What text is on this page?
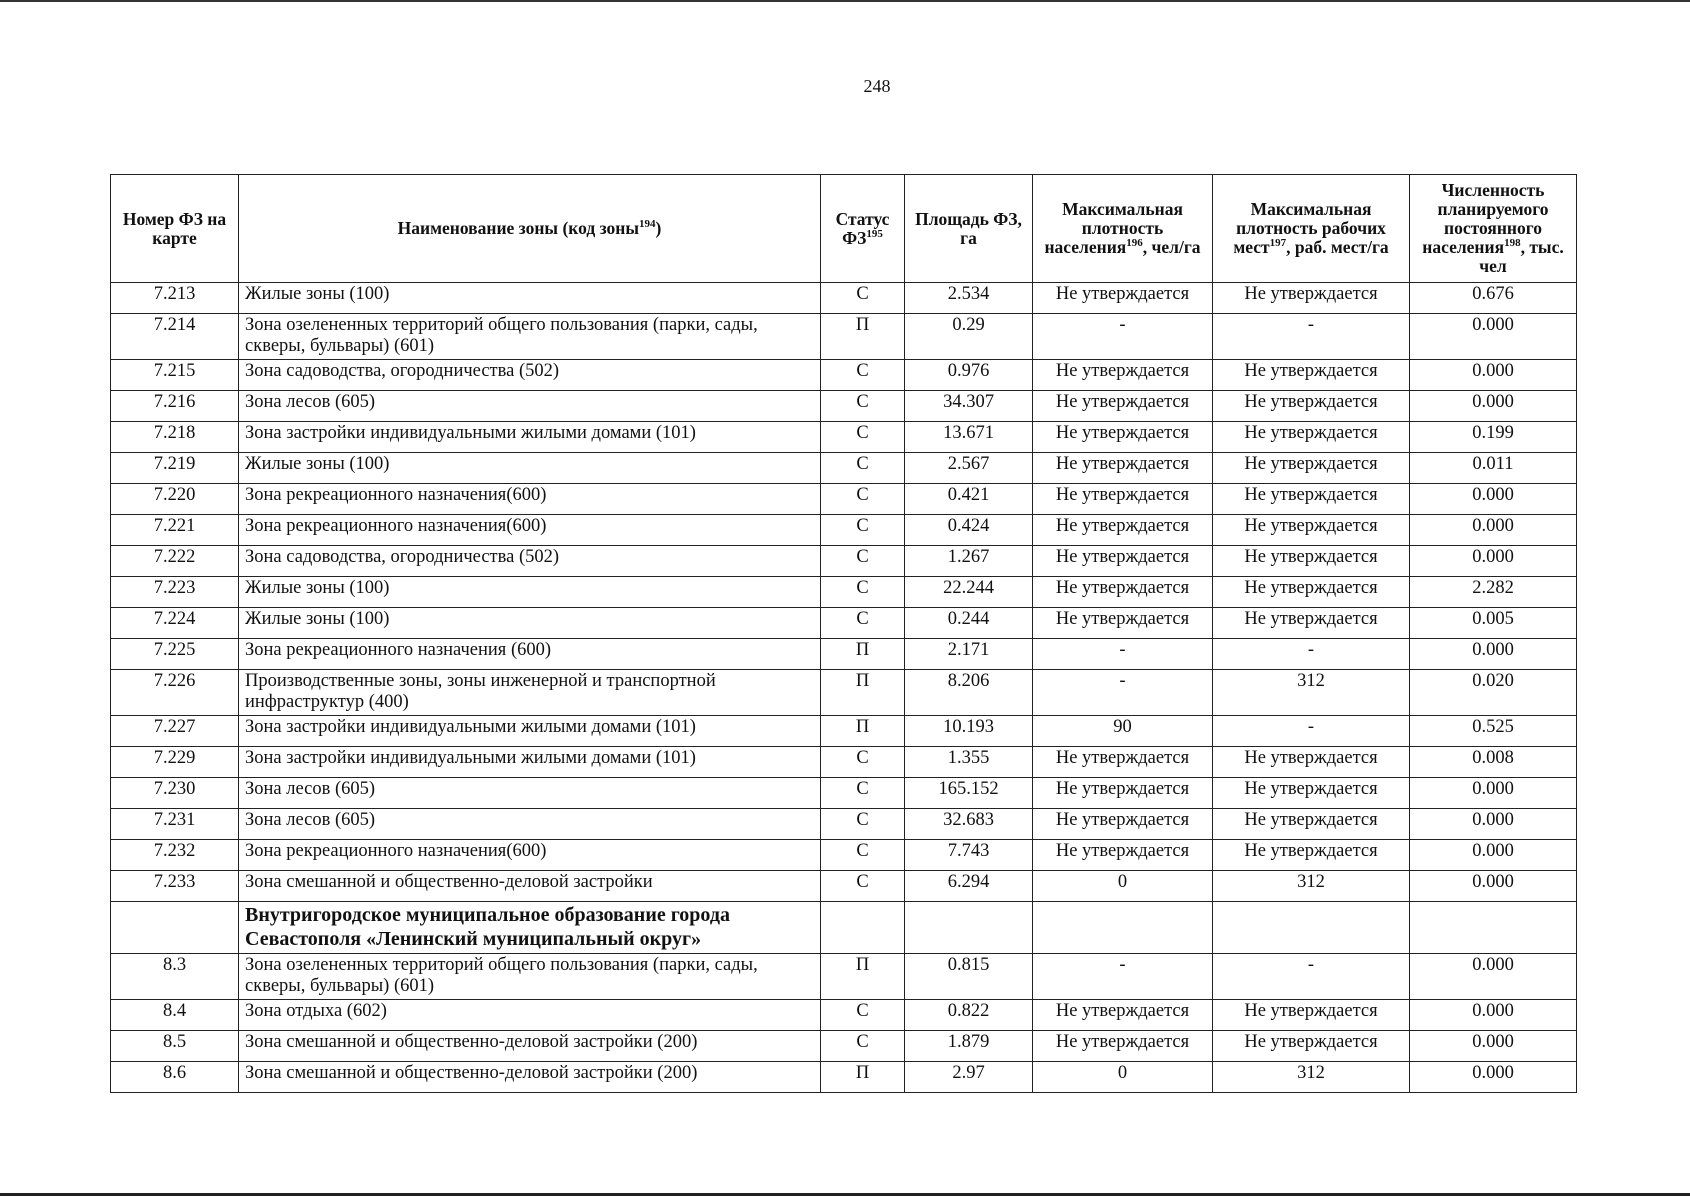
248
Номер ФЗ на карте	Наименование зоны (код зоны$^{194}$)	Статус ФЗ$^{195}$	Площадь ФЗ, га	Максимальная плотность населения$^{196}$, чел/га	Максимальная плотность рабочих мест$^{197}$, раб. мест/га	Численность планируемого постоянного населения$^{198}$, тыс. чел
7.213	Жилые зоны (100)	С	2.534	Не утверждается	Не утверждается	0.676
7.214	Зона озелененных территорий общего пользования (парки, сады, скверы, бульвары) (601)	П	0.29	-	-	0.000
7.215	Зона садоводства, огородничества (502)	С	0.976	Не утверждается	Не утверждается	0.000
7.216	Зона лесов (605)	С	34.307	Не утверждается	Не утверждается	0.000
7.218	Зона застройки индивидуальными жилыми домами (101)	С	13.671	Не утверждается	Не утверждается	0.199
7.219	Жилые зоны (100)	С	2.567	Не утверждается	Не утверждается	0.011
7.220	Зона рекреационного назначения(600)	С	0.421	Не утверждается	Не утверждается	0.000
7.221	Зона рекреационного назначения(600)	С	0.424	Не утверждается	Не утверждается	0.000
7.222	Зона садоводства, огородничества (502)	С	1.267	Не утверждается	Не утверждается	0.000
7.223	Жилые зоны (100)	С	22.244	Не утверждается	Не утверждается	2.282
7.224	Жилые зоны (100)	С	0.244	Не утверждается	Не утверждается	0.005
7.225	Зона рекреационного назначения (600)	П	2.171	-	-	0.000
7.226	Производственные зоны, зоны инженерной и транспортной инфраструктур (400)	П	8.206	-	312	0.020
7.227	Зона застройки индивидуальными жилыми домами (101)	П	10.193	90	-	0.525
7.229	Зона застройки индивидуальными жилыми домами (101)	С	1.355	Не утверждается	Не утверждается	0.008
7.230	Зона лесов (605)	С	165.152	Не утверждается	Не утверждается	0.000
7.231	Зона лесов (605)	С	32.683	Не утверждается	Не утверждается	0.000
7.232	Зона рекреационного назначения(600)	С	7.743	Не утверждается	Не утверждается	0.000
7.233	Зона смешанной и общественно-деловой застройки	С	6.294	0	312	0.000
	Внутригородское муниципальное образование города Севастополя «Ленинский муниципальный округ»					
8.3	Зона озелененных территорий общего пользования (парки, сады, скверы, бульвары) (601)	П	0.815	-	-	0.000
8.4	Зона отдыха (602)	С	0.822	Не утверждается	Не утверждается	0.000
8.5	Зона смешанной и общественно-деловой застройки (200)	С	1.879	Не утверждается	Не утверждается	0.000
8.6	Зона смешанной и общественно-деловой застройки (200)	П	2.97	0	312	0.000
